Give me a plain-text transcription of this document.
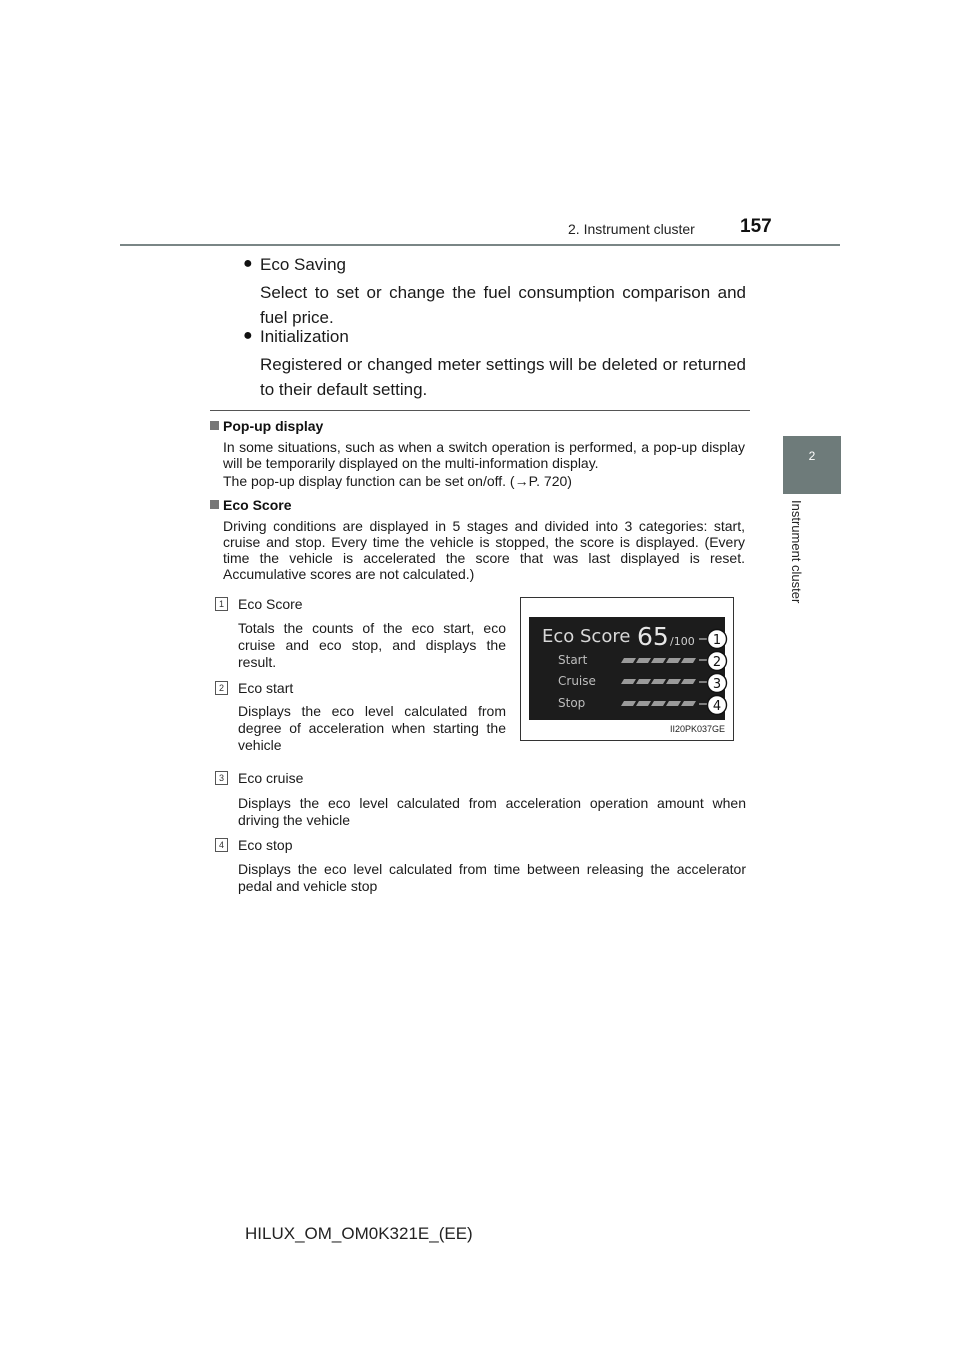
2. Instrument cluster 157
2
Instrument cluster
● Eco Saving
Select to set or change the fuel consumption comparison and fuel price.
● Initialization
Registered or changed meter settings will be deleted or returned to their default setting.
Pop-up display
In some situations, such as when a switch operation is performed, a pop-up display will be temporarily displayed on the multi-information display.
The pop-up display function can be set on/off. (→P. 720)
Eco Score
Driving conditions are displayed in 5 stages and divided into 3 categories: start, cruise and stop. Every time the vehicle is stopped, the score is displayed. (Every time the vehicle is accelerated the score that was last displayed is reset. Accumulative scores are not calculated.)
1 Eco Score
Totals the counts of the eco start, eco cruise and eco stop, and displays the result.
2 Eco start
Displays the eco level calculated from degree of acceleration when starting the vehicle
3 Eco cruise
Displays the eco level calculated from acceleration operation amount when driving the vehicle
4 Eco stop
Displays the eco level calculated from time between releasing the accelerator pedal and vehicle stop
Eco Score 65 /100
Start
Cruise
Stop
1
2
3
4
II20PK037GE
HILUX_OM_OM0K321E_(EE)
